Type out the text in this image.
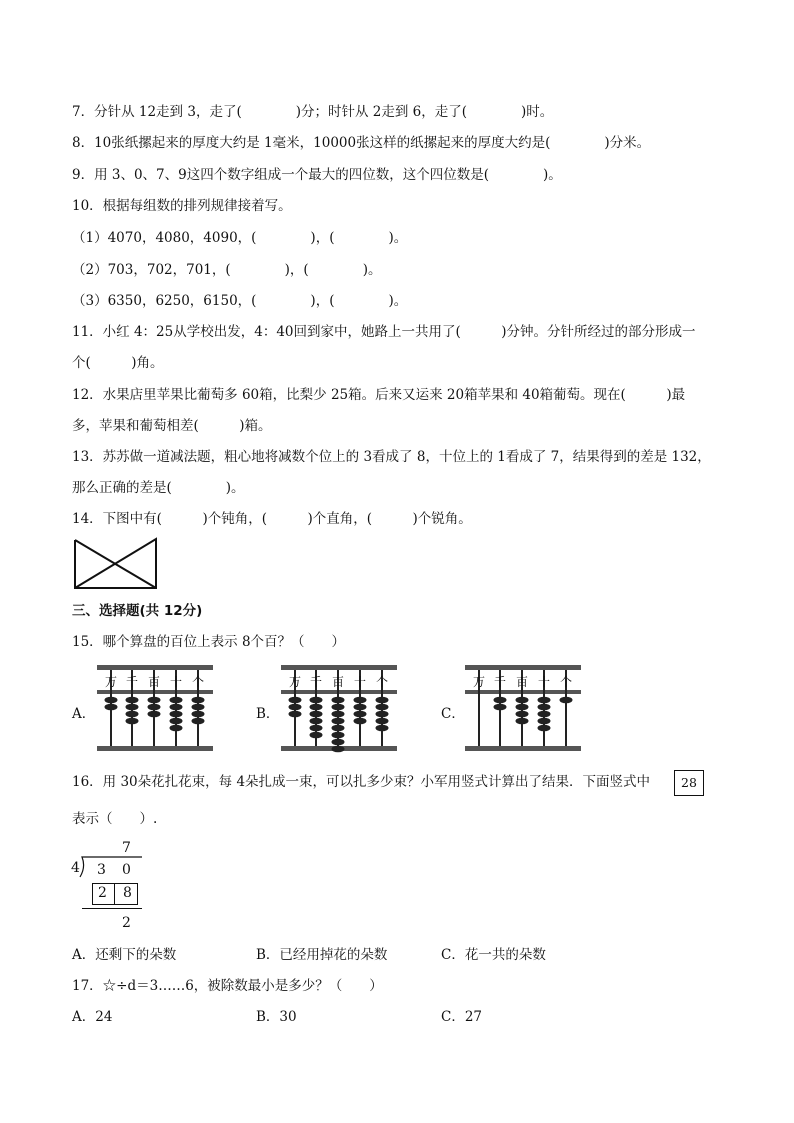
7．分针从 12走到 3，走了(　　　　)分；时针从 2走到 6，走了(　　　　)时。
8．10张纸摞起来的厚度大约是 1毫米，10000张这样的纸摞起来的厚度大约是(　　　　)分米。
9．用 3、0、7、9这四个数字组成一个最大的四位数，这个四位数是(　　　　)。
10．根据每组数的排列规律接着写。
（1）4070，4080，4090，(　　　　)，(　　　　)。
（2）703，702，701，(　　　　)，(　　　　)。
（3）6350，6250，6150，(　　　　)，(　　　　)。
11．小红 4：25从学校出发，4：40回到家中，她路上一共用了(　　　)分钟。分针所经过的部分形成一
个(　　　)角。
12．水果店里苹果比葡萄多 60箱，比梨少 25箱。后来又运来 20箱苹果和 40箱葡萄。现在(　　　)最
多，苹果和葡萄相差(　　　)箱。
13．苏苏做一道减法题，粗心地将减数个位上的 3看成了 8，十位上的 1看成了 7，结果得到的差是 132，
那么正确的差是(　　　　)。
14．下图中有(　　　)个钝角，(　　　)个直角，(　　　)个锐角。
三、选择题(共 12分)
15．哪个算盘的百位上表示 8个百？（　　）
A．	B．	C．
万 千 百 十 个	万 千 百 十 个	万 千 百 十 个
16．用 30朵花扎花束，每 4朵扎成一束，可以扎多少束？小军用竖式计算出了结果．下面竖式中	28
表示（　　）.
7
4 3 0
2 8
2
A．还剩下的朵数	B．已经用掉花的朵数	C．花一共的朵数
17．☆÷d＝3……6，被除数最小是多少？（　　）
A．24	B．30	C．27
